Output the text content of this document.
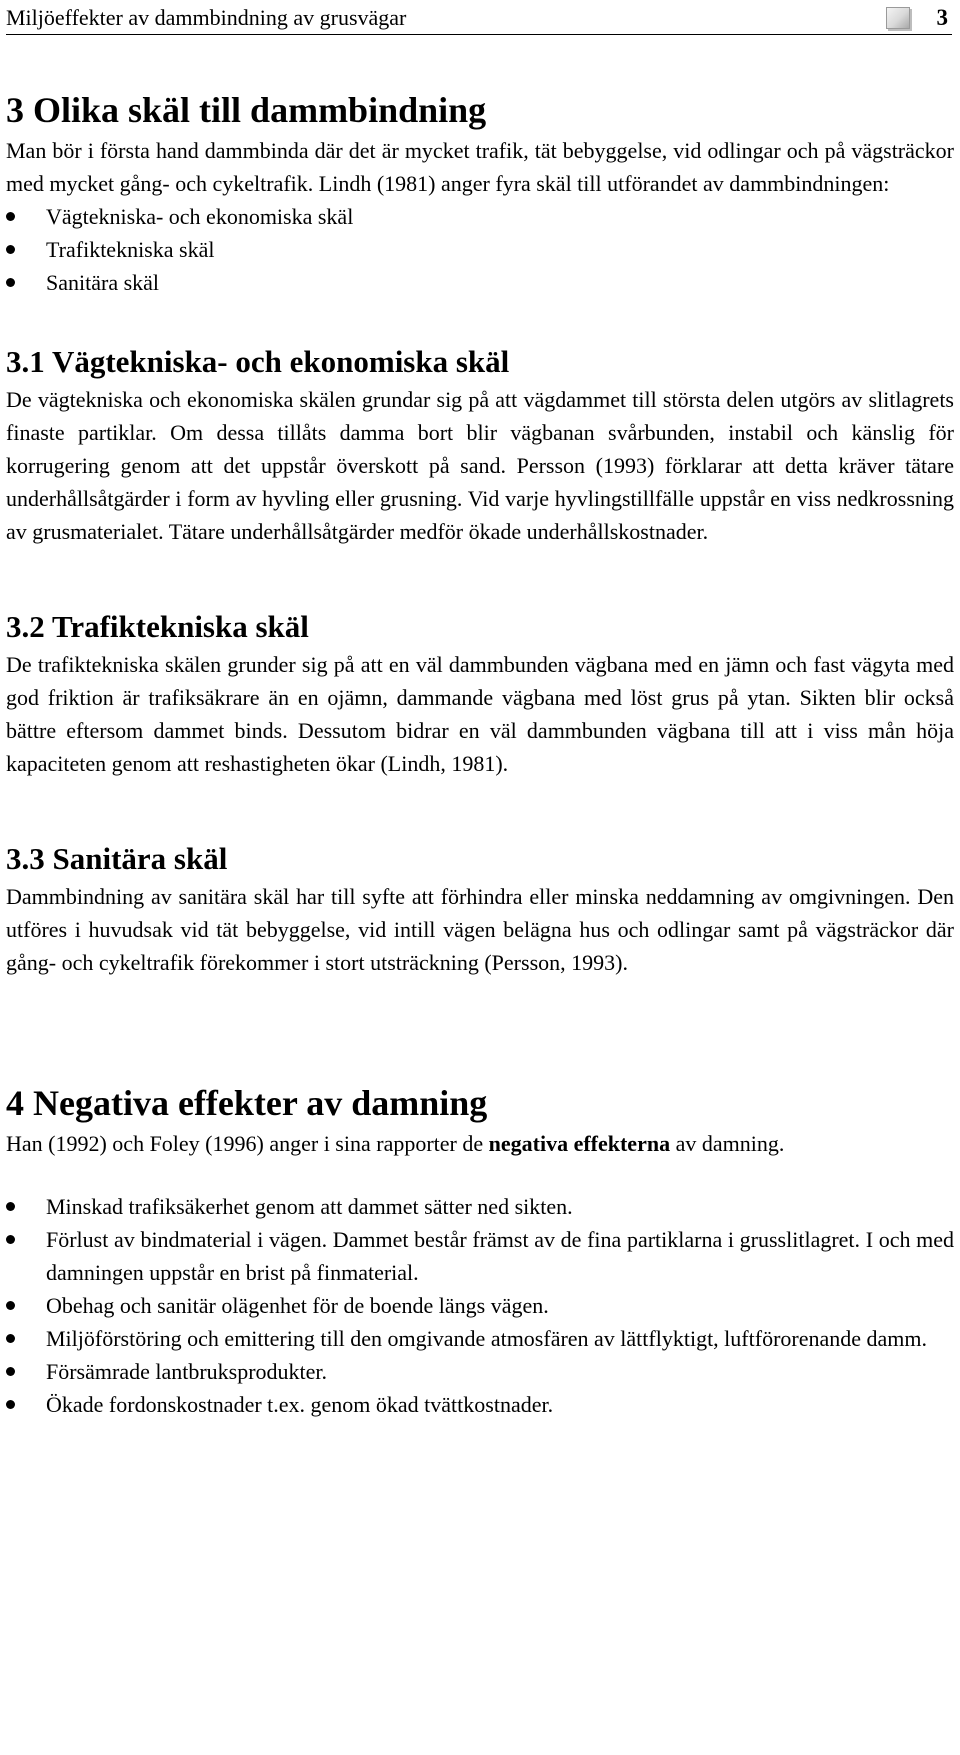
Miljöeffekter av dammbindning av grusvägar	3
3 Olika skäl till dammbindning

Man bör i första hand dammbinda där det är mycket trafik, tät bebyggelse, vid odlingar och på vägsträckor med mycket gång- och cykeltrafik. Lindh (1981) anger fyra skäl till utförandet av dammbindningen:

Vägtekniska- och ekonomiska skäl
Trafiktekniska skäl
Sanitära skäl
3.1 Vägtekniska- och ekonomiska skäl

De vägtekniska och ekonomiska skälen grundar sig på att vägdammet till största delen utgörs av slitlagrets finaste partiklar. Om dessa tillåts damma bort blir vägbanan svårbunden, instabil och känslig för korrugering genom att det uppstår överskott på sand. Persson (1993) förklarar att detta kräver tätare underhållsåtgärder i form av hyvling eller grusning. Vid varje hyvlingstillfälle uppstår en viss nedkrossning av grusmaterialet. Tätare underhållsåtgärder medför ökade underhållskostnader.

3.2 Trafiktekniska skäl

De trafiktekniska skälen grunder sig på att en väl dammbunden vägbana med en jämn och fast vägyta med god friktion är trafiksäkrare än en ojämn, dammande vägbana med löst grus på ytan. Sikten blir också bättre eftersom dammet binds. Dessutom bidrar en väl dammbunden vägbana till att i viss mån höja kapaciteten genom att reshastigheten ökar (Lindh, 1981).

3.3 Sanitära skäl

Dammbindning av sanitära skäl har till syfte att förhindra eller minska neddamning av omgivningen. Den utföres i huvudsak vid tät bebyggelse, vid intill vägen belägna hus och odlingar samt på vägsträckor där gång- och cykeltrafik förekommer i stort utsträckning (Persson, 1993).

4 Negativa effekter av damning

Han (1992) och Foley (1996) anger i sina rapporter de negativa effekterna av damning.

Minskad trafiksäkerhet genom att dammet sätter ned sikten.
Förlust av bindmaterial i vägen. Dammet består främst av de fina partiklarna i grusslitlagret. I och med damningen uppstår en brist på finmaterial.
Obehag och sanitär olägenhet för de boende längs vägen.
Miljöförstöring och emittering till den omgivande atmosfären av lättflyktigt, luftförorenande damm.
Försämrade lantbruksprodukter.
Ökade fordonskostnader t.ex. genom ökad tvättkostnader.
